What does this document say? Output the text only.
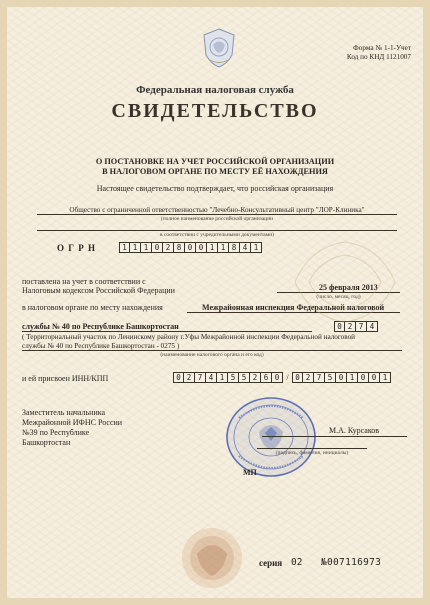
Форма № 1-1-Учет
Код по КНД 1121007
Федеральная налоговая служба
СВИДЕТЕЛЬСТВО
О ПОСТАНОВКЕ НА УЧЕТ РОССИЙСКОЙ ОРГАНИЗАЦИИ
В НАЛОГОВОМ ОРГАНЕ ПО МЕСТУ ЕЁ НАХОЖДЕНИЯ
Настоящее свидетельство подтверждает, что российская организация
Общество с ограниченной ответственностью "Лечебно-Консультативный центр "ЛОР-Клиника"
(полное наименование российской организации
в соответствии с учредительными документами)
О Г Р Н	1 1 1 0 2 8 0 0 1 1 8 4 1
поставлена на учет в соответствии с
Налоговым кодексом Российской Федерации	25 февраля 2013
(число, месяц, год)
в налоговом органе по месту нахождения	Межрайонная инспекция Федеральной налоговой
службы № 40 по Республике Башкортостан	0 2 7 4
( Территориальный участок по Ленинскому району г.Уфы Межрайонной инспекции Федеральной налоговой
службы № 40 по Республике Башкортостан - 0275 )
(наименование налогового органа и его код)
и ей присвоен ИНН/КПП	0 2 7 4 1 5 5 2 6 0 / 0 2 7 5 0 1 0 0 1
Заместитель начальника
Межрайонной ИФНС России
№39 по Республике
Башкортостан
М.А. Курсаков
(подпись, фамилия, инициалы)
МП
серия 02 №007116973
